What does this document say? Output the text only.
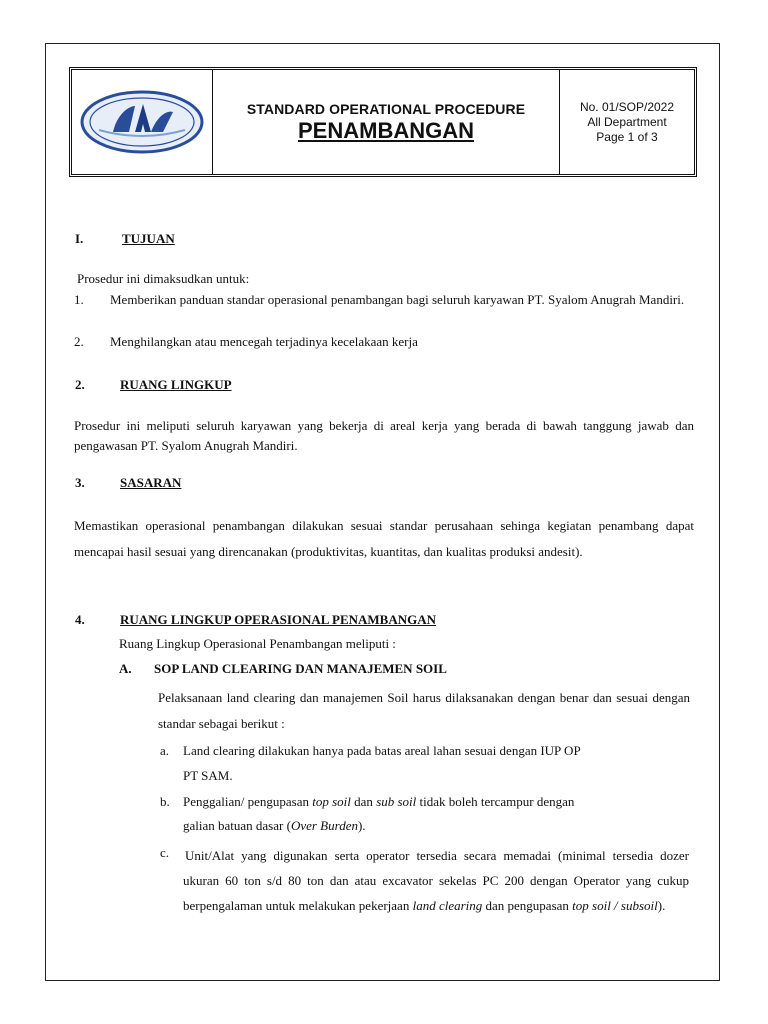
STANDARD OPERATIONAL PROCEDURE
PENAMBANGAN
No. 01/SOP/2022
All Department
Page 1 of 3
I.	TUJUAN
Prosedur ini dimaksudkan untuk:
1. Memberikan panduan standar operasional penambangan bagi seluruh karyawan PT. Syalom Anugrah Mandiri.
2. Menghilangkan atau mencegah terjadinya kecelakaan kerja
2.	RUANG LINGKUP
Prosedur ini meliputi seluruh karyawan yang bekerja di areal kerja yang berada di bawah tanggung jawab dan pengawasan PT. Syalom Anugrah Mandiri.
3.	SASARAN
Memastikan operasional penambangan dilakukan sesuai standar perusahaan sehinga kegiatan penambang dapat mencapai hasil sesuai yang direncanakan (produktivitas, kuantitas, dan kualitas produksi andesit).
4.	RUANG LINGKUP OPERASIONAL PENAMBANGAN
Ruang Lingkup Operasional Penambangan meliputi :
A. SOP LAND CLEARING DAN MANAJEMEN SOIL
Pelaksanaan land clearing dan manajemen Soil harus dilaksanakan dengan benar dan sesuai dengan standar sebagai berikut :
a. Land clearing dilakukan hanya pada batas areal lahan sesuai dengan IUP OP
PT SAM.
b. Penggalian/ pengupasan top soil dan sub soil tidak boleh tercampur dengan
galian batuan dasar (Over Burden).
c. Unit/Alat yang digunakan serta operator tersedia secara memadai (minimal tersedia dozer ukuran 60 ton s/d 80 ton dan atau excavator sekelas PC 200 dengan Operator yang cukup berpengalaman untuk melakukan pekerjaan land clearing dan pengupasan top soil / subsoil).
